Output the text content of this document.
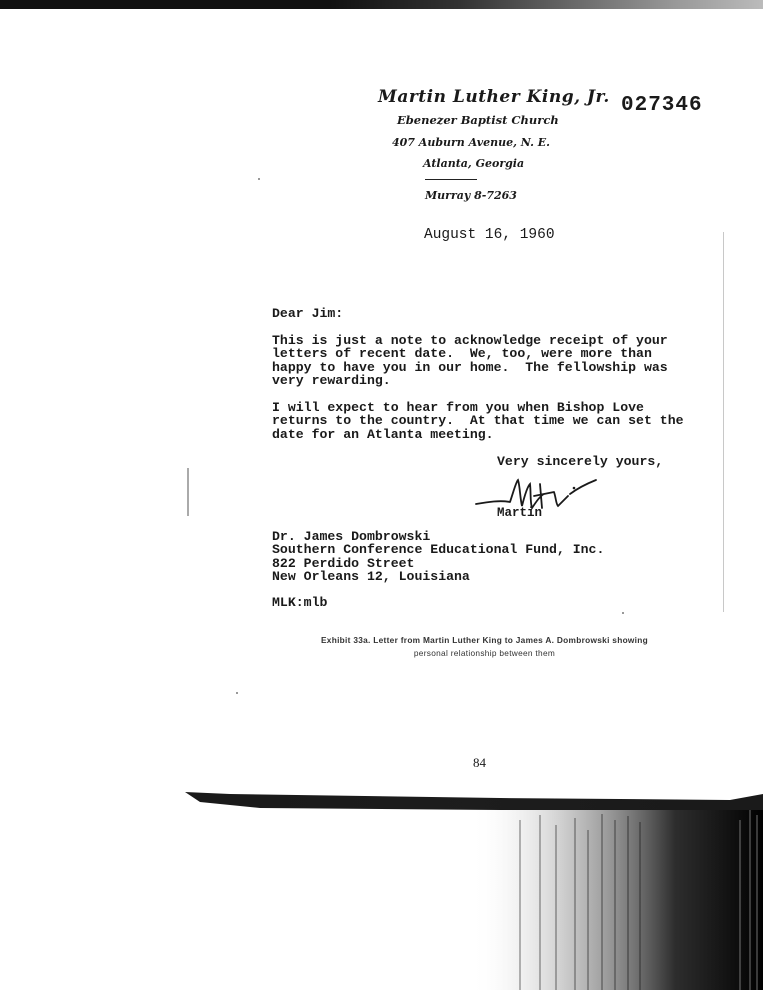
Martin Luther King, Jr.
Ebenezer Baptist Church
407 Auburn Avenue, N. E.
Atlanta, Georgia
Murray 8-7263
027346
August 16, 1960
Dear Jim:
This is just a note to acknowledge receipt of your
letters of recent date.  We, too, were more than
happy to have you in our home.  The fellowship was
very rewarding.
I will expect to hear from you when Bishop Love
returns to the country.  At that time we can set the
date for an Atlanta meeting.
Very sincerely yours,
Martin
Dr. James Dombrowski
Southern Conference Educational Fund, Inc.
822 Perdido Street
New Orleans 12, Louisiana
MLK:mlb
Exhibit 33a. Letter from Martin Luther King to James A. Dombrowski showing
personal relationship between them
84
